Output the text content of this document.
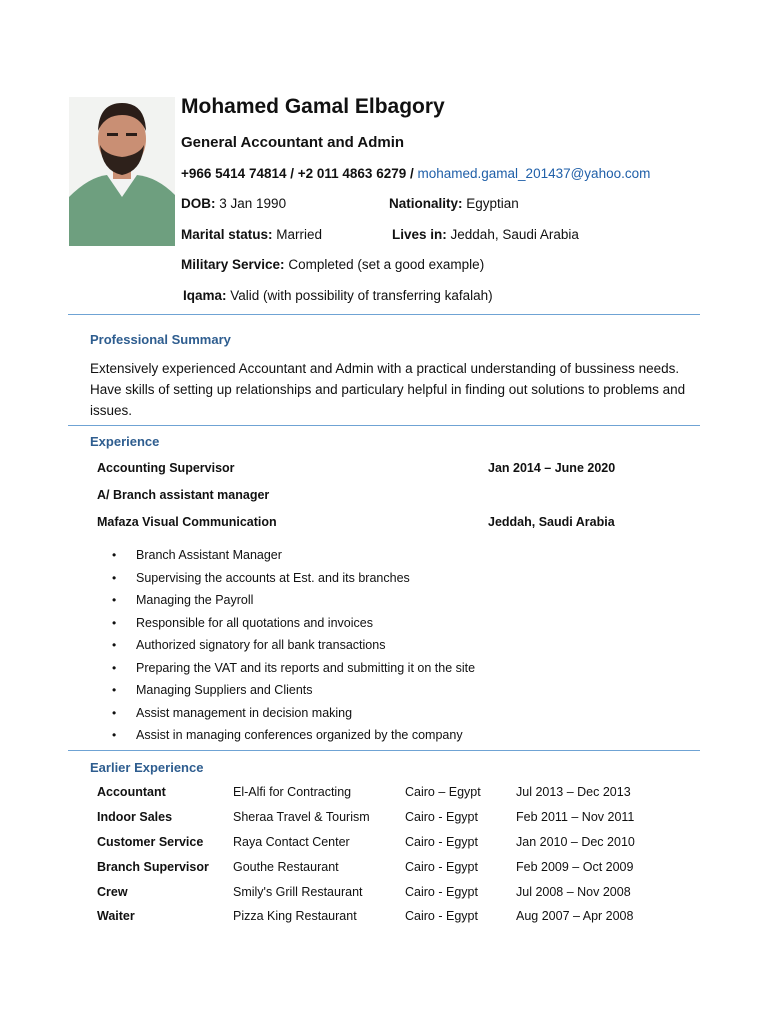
Mohamed Gamal Elbagory
General Accountant and Admin
+966 5414 74814 / +2 011 4863 6279 / mohamed.gamal_201437@yahoo.com
DOB: 3 Jan 1990	Nationality: Egyptian
Marital status: Married	Lives in: Jeddah, Saudi Arabia
Military Service: Completed (set a good example)
Iqama: Valid (with possibility of transferring kafalah)
Professional Summary
Extensively experienced Accountant and Admin with a practical understanding of bussiness needs. Have skills of setting up relationships and particulary helpful in finding out solutions to problems and issues.
Experience
Accounting Supervisor	Jan 2014 – June 2020
A/ Branch assistant manager
Mafaza Visual Communication	Jeddah, Saudi Arabia
• Branch Assistant Manager
• Supervising the accounts at Est. and its branches
• Managing the Payroll
• Responsible for all quotations and invoices
• Authorized signatory for all bank transactions
• Preparing the VAT and its reports and submitting it on the site
• Managing Suppliers and Clients
• Assist management in decision making
• Assist in managing conferences organized by the company
Earlier Experience
Accountant	El-Alfi for Contracting	Cairo – Egypt	Jul 2013 – Dec 2013
Indoor Sales	Sheraa Travel & Tourism	Cairo - Egypt	Feb 2011 – Nov 2011
Customer Service	Raya Contact Center	Cairo - Egypt	Jan 2010 – Dec 2010
Branch Supervisor	Gouthe Restaurant	Cairo - Egypt	Feb 2009 – Oct 2009
Crew	Smily's Grill Restaurant	Cairo - Egypt	Jul 2008 – Nov 2008
Waiter	Pizza King Restaurant	Cairo - Egypt	Aug 2007 – Apr 2008
